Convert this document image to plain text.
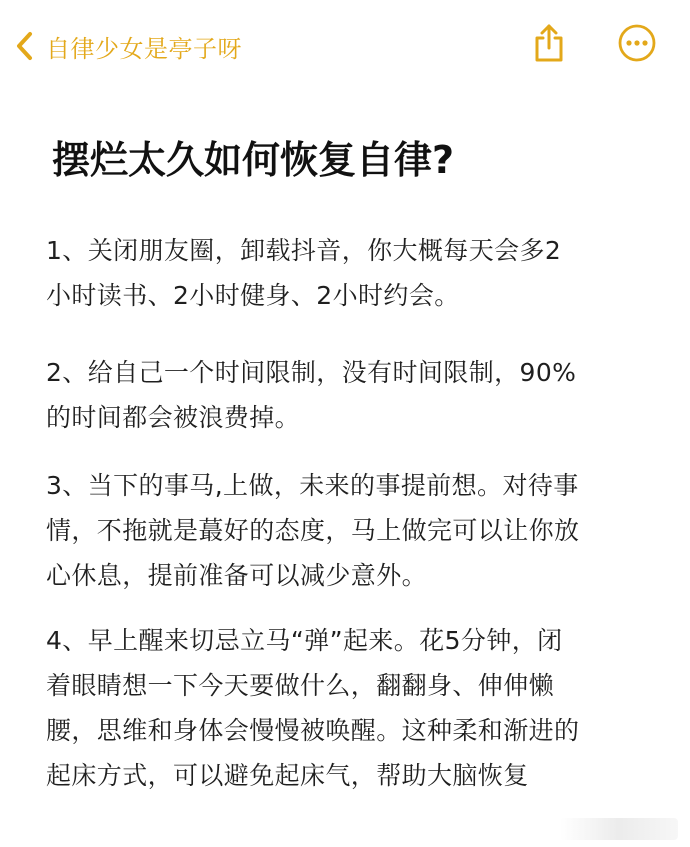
自律少女是亭子呀
摆烂太久如何恢复自律?
1、关闭朋友圈，卸载抖音，你大概每天会多2
小时读书、2小时健身、2小时约会。
2、给自己一个时间限制，没有时间限制，90%
的时间都会被浪费掉。
3、当下的事马,上做，未来的事提前想。对待事
情，不拖就是蕞好的态度，马上做完可以让你放
心休息，提前准备可以减少意外。
4、早上醒来切忌立马“弹”起来。花5分钟，闭
着眼睛想一下今天要做什么，翻翻身、伸伸懒
腰，思维和身体会慢慢被唤醒。这种柔和渐进的
起床方式，可以避免起床气，帮助大脑恢复
